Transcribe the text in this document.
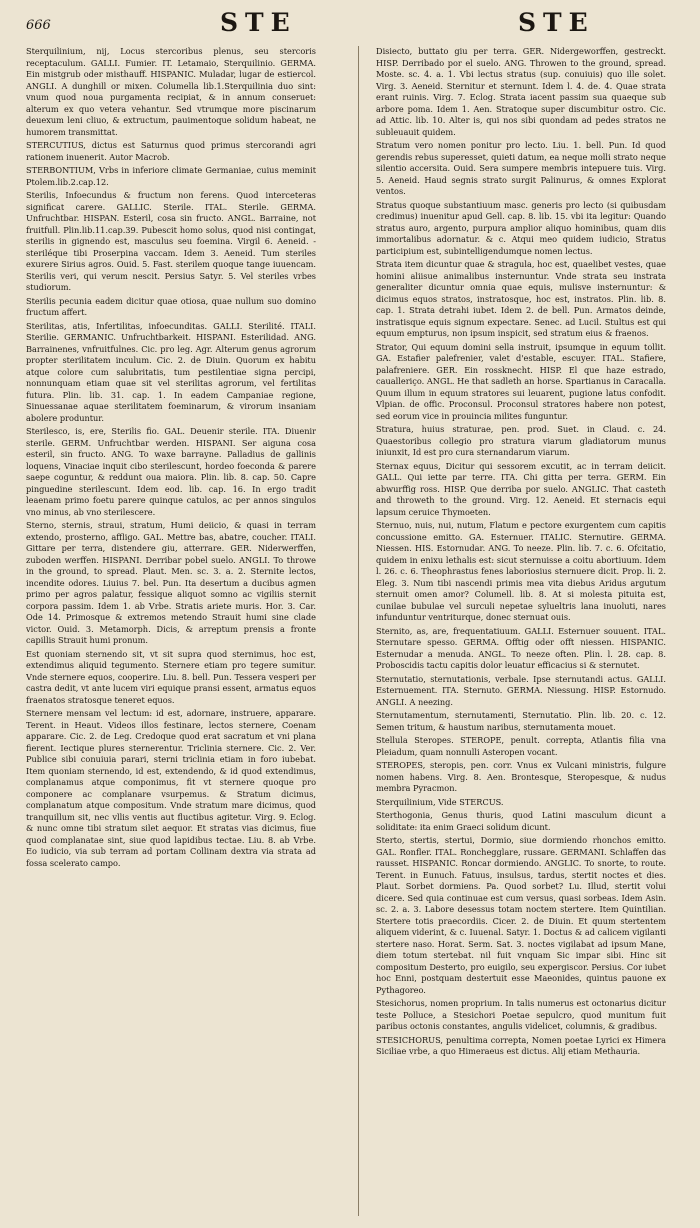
666	STE	STE

Sterquilinium, nij, Locus stercoribus plenus, seu stercoris receptaculum. GALLI. Fumier. IT. Letamaio, Sterquilinio. GERMA. Ein mistgrub oder misthauff. HISPANIC. Muladar, lugar de estiercol. ANGLI. A dunghill or mixen. Columella lib.1.Sterquilinia duo sint: vnum quod noua purgamenta recipiat, & in annum conseruet: alterum ex quo vetera vehantur. Sed vtrumque more piscinarum deuexum leni cliuo, & extructum, pauimentoque solidum habeat, ne humorem transmittat.

STERCUTIUS, dictus est Saturnus quod primus stercorandi agri rationem inuenerit. Autor Macrob.

STERBONTIUM, Vrbs in inferiore climate Germaniae, cuius meminit Ptolem.lib.2.cap.12.

Sterilis, Infoecundus & fructum non ferens. Quod interceteras significat carere. GALLIC. Sterile. ITAL. Sterile. GERMA. Unfruchtbar. HISPAN. Esteril, cosa sin fructo. ANGL. Barraine, not fruitfull. Plin.lib.11.cap.39. Pubescit homo solus, quod nisi contingat, sterilis in gignendo est, masculus seu foemina. Virgil 6. Aeneid. - steriléque tibi Proserpina vaccam. Idem 3. Aeneid. Tum steriles exurere Sirius agros. Ouid. 5. Fast. sterilem quoque tange iuuencam. Sterilis veri, qui verum nescit. Persius Satyr. 5. Vel steriles vrbes studiorum.

Sterilis pecunia eadem dicitur quae otiosa, quae nullum suo domino fructum affert.

Sterilitas, atis, Infertilitas, infoecunditas. GALLI. Sterilité. ITALI. Sterilie. GERMANIC. Unfruchtbarkeit. HISPANI. Esterilidad. ANG. Barrainenes, vnfruitfulnes. Cic. pro leg. Agr. Alterum genus agrorum propter sterilitatem inculum. Cic. 2. de Diuin. Quorum ex habitu atque colore cum salubritatis, tum pestilentiae signa percipi, nonnunquam etiam quae sit vel sterilitas agrorum, vel fertilitas futura. Plin. lib. 31. cap. 1. In eadem Campaniae regione, Sinuessanae aquae sterilitatem foeminarum, & virorum insaniam abolere produntur.

Sterilesco, is, ere, Sterilis fio. GAL. Deuenir sterile. ITA. Diuenir sterile. GERM. Unfruchtbar werden. HISPANI. Ser aiguna cosa esteril, sin fructo. ANG. To waxe barrayne. Palladius de gallinis loquens, Vinaciae inquit cibo sterilescunt, hordeo foeconda & parere saepe coguntur, & reddunt oua maiora. Plin. lib. 8. cap. 50. Capre pinguedine sterilescunt. Idem eod. lib. cap. 16. In ergo tradit leaenam primo foetu parere quinque catulos, ac per annos singulos vno minus, ab vno sterilescere.

Sterno, sternis, straui, stratum, Humi deiicio, & quasi in terram extendo, prosterno, affligo. GAL. Mettre bas, abatre, coucher. ITALI. Gittare per terra, distendere giu, atterrare. GER. Niderwerffen, zuboden werffen. HISPANI. Derribar pobel suelo. ANGLI. To throwe in the ground, to spread. Plaut. Men. sc. 3. a. 2. Sternite lectos, incendite odores. Liuius 7. bel. Pun. Ita desertum a ducibus agmen primo per agros palatur, fessique aliquot somno ac vigiliis sternit corpora passim. Idem 1. ab Vrbe. Stratis ariete muris. Hor. 3. Car. Ode 14. Primosque & extremos metendo Strauit humi sine clade victor. Ouid. 3. Metamorph. Dicis, & arreptum prensis a fronte capillis Strauit humi pronum.

Est quoniam sternendo sit, vt sit supra quod sternimus, hoc est, extendimus aliquid tegumento. Sternere etiam pro tegere sumitur. Vnde sternere equos, cooperire. Liu. 8. bell. Pun. Tessera vesperi per castra dedit, vt ante lucem viri equique pransi essent, armatus equos fraenatos stratosque teneret equos.

Sternere mensam vel lectum: id est, adornare, instruere, apparare. Terent. in Heaut. Videos illos festinare, lectos sternere, Coenam apparare. Cic. 2. de Leg. Credoque quod erat sacratum et vni plana fierent. Iectique plures sternerentur. Triclinia sternere. Cic. 2. Ver. Publice sibi conuiuia parari, sterni triclinia etiam in foro iubebat. Item quoniam sternendo, id est, extendendo, & id quod extendimus, complanamus atque componimus, fit vt sternere quoque pro componere ac complanare vsurpemus. & Stratum dicimus, complanatum atque compositum. Vnde stratum mare dicimus, quod tranquillum sit, nec vllis ventis aut fluctibus agitetur. Virg. 9. Eclog. & nunc omne tibi stratum silet aequor. Et stratas vias dicimus, fiue quod complanatae sint, siue quod lapidibus tectae. Liu. 8. ab Vrbe. Eo iudicio, via sub terram ad portam Collinam dextra via strata ad fossa scelerato campo.

Disiecto, buttato giu per terra. GER. Nidergeworffen, gestreckt. HISP. Derribado por el suelo. ANG. Throwen to the ground, spread. Moste. sc. 4. a. 1. Vbi lectus stratus (sup. conuiuis) quo ille solet. Virg. 3. Aeneid. Sternitur et sternunt. Idem l. 4. de. 4. Quae strata erant ruinis. Virg. 7. Eclog. Strata iacent passim sua quaeque sub arbore poma. Idem 1. Aen. Stratoque super discumbitur ostro. Cic. ad Attic. lib. 10. Alter is, qui nos sibi quondam ad pedes stratos ne subleuauit quidem.

Stratum vero nomen ponitur pro lecto. Liu. 1. bell. Pun. Id quod gerendis rebus superesset, quieti datum, ea neque molli strato neque silentio accersita. Ouid. Sera sumpere membris intepuere tuis. Virg. 5. Aeneid. Haud segnis strato surgit Palinurus, & omnes Explorat ventos.

Stratus quoque substantiuum masc. generis pro lecto (si quibusdam credimus) inuenitur apud Gell. cap. 8. lib. 15. vbi ita legitur: Quando stratus auro, argento, purpura amplior aliquo hominibus, quam diis immortalibus adornatur. & c. Atqui meo quidem iudicio, Stratus participium est, subintelligendumque nomen lectus.

Strata item dicuntur quae & stragula, hoc est, quaelibet vestes, quae homini aliisue animalibus insternuntur. Vnde strata seu instrata generaliter dicuntur omnia quae equis, mulisve insternuntur: & dicimus equos stratos, instratosque, hoc est, instratos. Plin. lib. 8. cap. 1. Strata detrahi iubet. Idem 2. de bell. Pun. Armatos deinde, instratisque equis signum expectare. Senec. ad Lucil. Stultus est qui equum empturus, non ipsum inspicit, sed stratum eius & fraenos.

Strator, Qui equum domini sella instruit, ipsumque in equum tollit. GA. Estafier palefrenier, valet d'estable, escuyer. ITAL. Stafiere, palafreniere. GER. Ein rossknecht. HISP. El que haze estrado, caualleriço. ANGL. He that sadleth an horse. Spartianus in Caracalla. Quum illum in equum stratores sui leuarent, pugione latus confodit. Vlpian. de offic. Proconsul. Proconsul stratores habere non potest, sed eorum vice in prouincia milites funguntur.

Stratura, huius straturae, pen. prod. Suet. in Claud. c. 24. Quaestoribus collegio pro stratura viarum gladiatorum munus iniunxit, Id est pro cura sternandarum viarum.

Sternax equus, Dicitur qui sessorem excutit, ac in terram deiicit. GALL. Qui iette par terre. ITA. Chi gitta per terra. GERM. Ein abwurffig ross. HISP. Que derriba por suelo. ANGLIC. That casteth and throweth to the ground. Virg. 12. Aeneid. Et sternacis equi lapsum ceruice Thymoeten.

Sternuo, nuis, nui, nutum, Flatum e pectore exurgentem cum capitis concussione emitto. GA. Esternuer. ITALIC. Sternutire. GERMA. Niessen. HIS. Estornudar. ANG. To neeze. Plin. lib. 7. c. 6. Ofcitatio, quidem in enixu lethalis est: sicut sternuisse a coitu abortiuum. Idem l. 26. c. 6. Theophrastus fenes laboriosius sternuere dicit. Prop. li. 2. Eleg. 3. Num tibi nascendi primis mea vita diebus Aridus argutum sternuit omen amor? Columell. lib. 8. At si molesta pituita est, cunilae bubulae vel surculi nepetae sylueltris lana inuoluti, nares infunduntur ventriturque, donec sternuat ouis.

Sternito, as, are, frequentatiuum. GALLI. Esternuer souuent. ITAL. Sternutare spesso. GERMA. Offtig oder offt niessen. HISPANIC. Esternudar a menuda. ANGL. To neeze often. Plin. l. 28. cap. 8. Proboscidis tactu capitis dolor leuatur efficacius si & sternutet.

Sternutatio, sternutationis, verbale. Ipse sternutandi actus. GALLI. Esternuement. ITA. Sternuto. GERMA. Niessung. HISP. Estornudo. ANGLI. A neezing.

Sternutamentum, sternutamenti, Sternutatio. Plin. lib. 20. c. 12. Semen tritum, & haustum naribus, sternutamenta mouet.

Stellula Steropes. STEROPE, penult. correpta, Atlantis filia vna Pleiadum, quam nonnulli Asteropen vocant.

STEROPES, steropis, pen. corr. Vnus ex Vulcani ministris, fulgure nomen habens. Virg. 8. Aen. Brontesque, Steropesque, & nudus membra Pyracmon.

Sterquilinium, Vide STERCUS.

Sterthogonia, Genus thuris, quod Latini masculum dicunt a soliditate: ita enim Graeci solidum dicunt.

Sterto, stertis, stertui, Dormio, siue dormiendo rhonchos emitto. GAL. Ronfler. ITAL. Ronchegglare, russare. GERMANI. Schlaffen das rausset. HISPANIC. Roncar dormiendo. ANGLIC. To snorte, to route. Terent. in Eunuch. Fatuus, insulsus, tardus, stertit noctes et dies. Plaut. Sorbet dormiens. Pa. Quod sorbet? Lu. Illud, stertit volui dicere. Sed quia continuae est cum versus, quasi sorbeas. Idem Asin. sc. 2. a. 3. Labore desessus totam noctem stertere. Item Quintilian. Stertere totis praecordiis. Cicer. 2. de Diuin. Et quum stertentem aliquem viderint, & c. Iuuenal. Satyr. 1. Doctus & ad calicem vigilanti stertere naso. Horat. Serm. Sat. 3. noctes vigilabat ad ipsum Mane, diem totum stertebat. nil fuit vnquam Sic impar sibi. Hinc sit compositum Desterto, pro euigilo, seu expergiscor. Persius. Cor iubet hoc Enni, postquam destertuit esse Maeonides, quintus pauone ex Pythagoreo.

Stesichorus, nomen proprium. In talis numerus est octonarius dicitur teste Polluce, a Stesichori Poetae sepulcro, quod munitum fuit paribus octonis constantes, angulis videlicet, columnis, & gradibus.

STESICHORUS, penultima correpta, Nomen poetae Lyrici ex Himera Siciliae vrbe, a quo Himeraeus est dictus. Alij etiam Methauria.
